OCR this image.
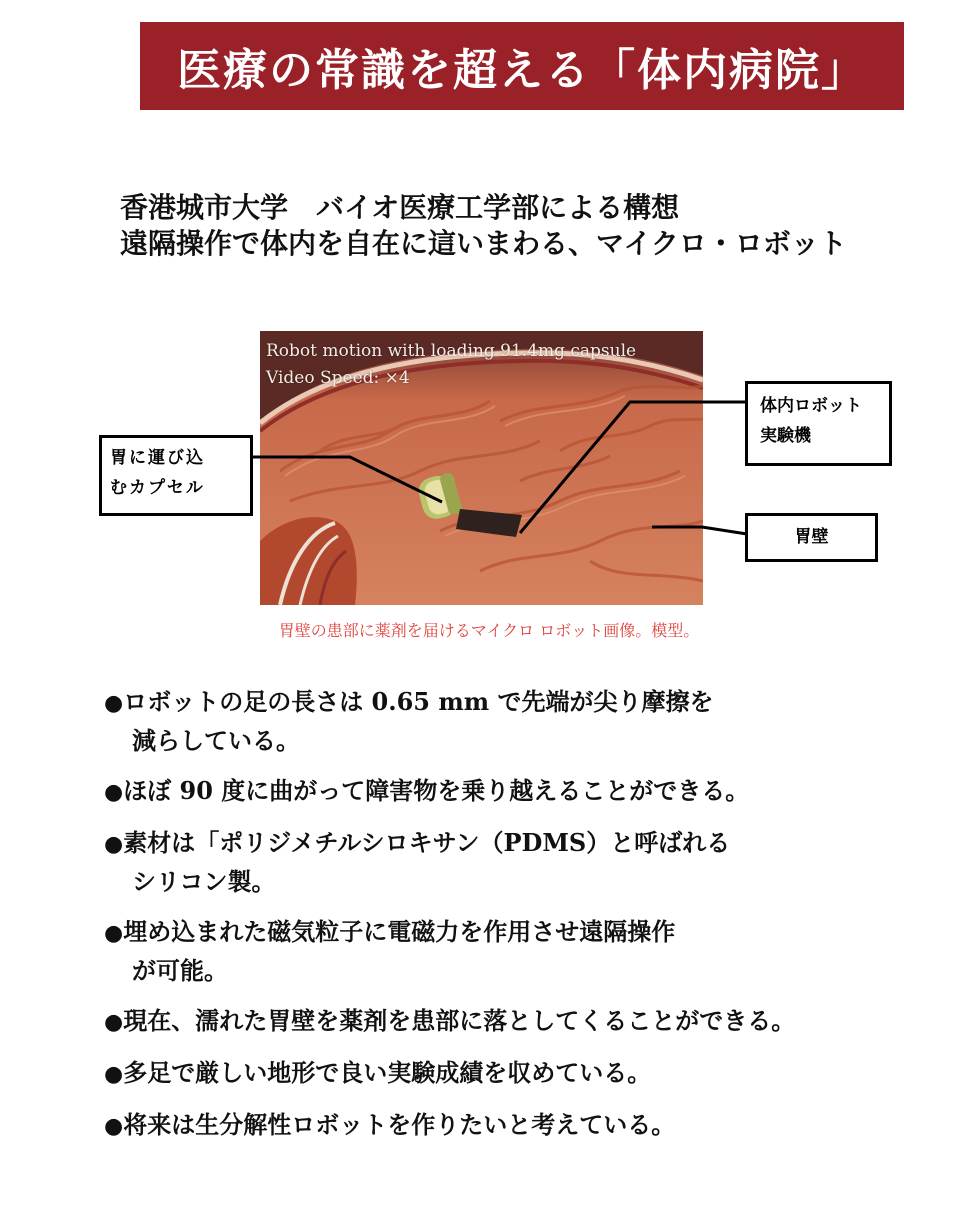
医療の常識を超える「体内病院」
香港城市大学　バイオ医療工学部による構想
遠隔操作で体内を自在に這いまわる、マイクロ・ロボット
Robot motion with loading 91.4mg capsule
Video Speed: ×4
胃に運び込
むカプセル
体内ロボット
実験機
胃壁
胃壁の患部に薬剤を届けるマイクロ ロボット画像。模型。
●ロボットの足の長さは 0.65 mm で先端が尖り摩擦を
減らしている。
●ほぼ 90 度に曲がって障害物を乗り越えることができる。
●素材は「ポリジメチルシロキサン（PDMS）と呼ばれる
シリコン製。
●埋め込まれた磁気粒子に電磁力を作用させ遠隔操作
が可能。
●現在、濡れた胃壁を薬剤を患部に落としてくることができる。
●多足で厳しい地形で良い実験成績を収めている。
●将来は生分解性ロボットを作りたいと考えている。
